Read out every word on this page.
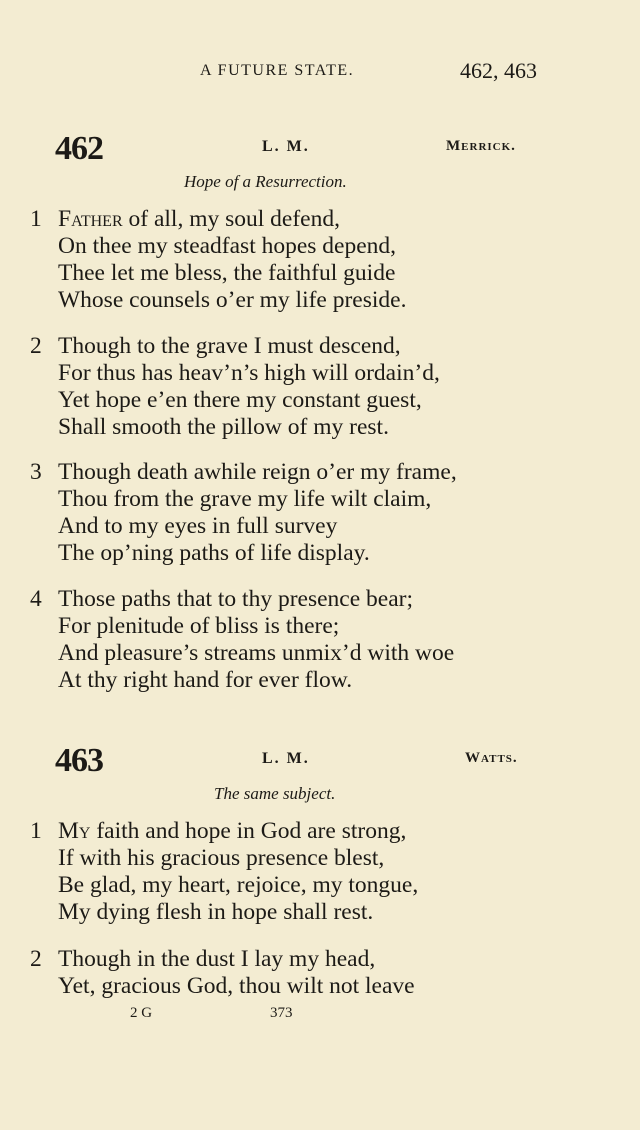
A FUTURE STATE.	462, 463
462	L. M.	Merrick.
Hope of a Resurrection.
1 Father of all, my soul defend,
On thee my steadfast hopes depend,
Thee let me bless, the faithful guide
Whose counsels o’er my life preside.
2 Though to the grave I must descend,
For thus has heav’n’s high will ordain’d,
Yet hope e’en there my constant guest,
Shall smooth the pillow of my rest.
3 Though death awhile reign o’er my frame,
Thou from the grave my life wilt claim,
And to my eyes in full survey
The op’ning paths of life display.
4 Those paths that to thy presence bear;
For plenitude of bliss is there;
And pleasure’s streams unmix’d with woe
At thy right hand for ever flow.
463	L. M.	Watts.
The same subject.
1 My faith and hope in God are strong,
If with his gracious presence blest,
Be glad, my heart, rejoice, my tongue,
My dying flesh in hope shall rest.
2 Though in the dust I lay my head,
Yet, gracious God, thou wilt not leave
2 G	373
